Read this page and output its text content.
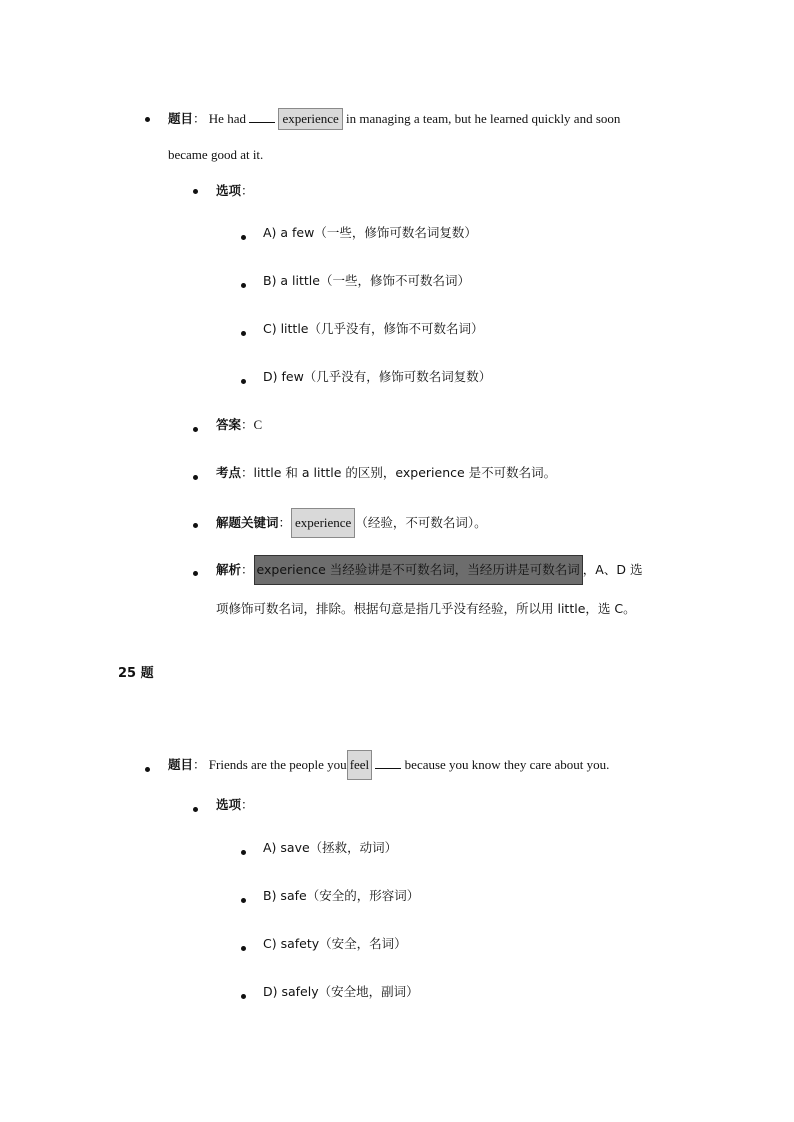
题目： He had	experience in managing a team, but he learned quickly and soon
became good at it.
选项：
A) a few（一些，修饰可数名词复数）
B) a little（一些，修饰不可数名词）
C) little（几乎没有，修饰不可数名词）
D) few（几乎没有，修饰可数名词复数）
答案：C
考点：little 和 a little 的区别，experience 是不可数名词。
解题关键词： experience （经验，不可数名词）。
解析： experience 当经验讲是不可数名词，当经历讲是可数名词 ，A、D 选
项修饰可数名词，排除。根据句意是指几乎没有经验，所以用 little，选 C。
25 题
题目： Friends are the people you feel	because you know they care about you.
选项：
A) save（拯救，动词）
B) safe（安全的，形容词）
C) safety（安全，名词）
D) safely（安全地，副词）
